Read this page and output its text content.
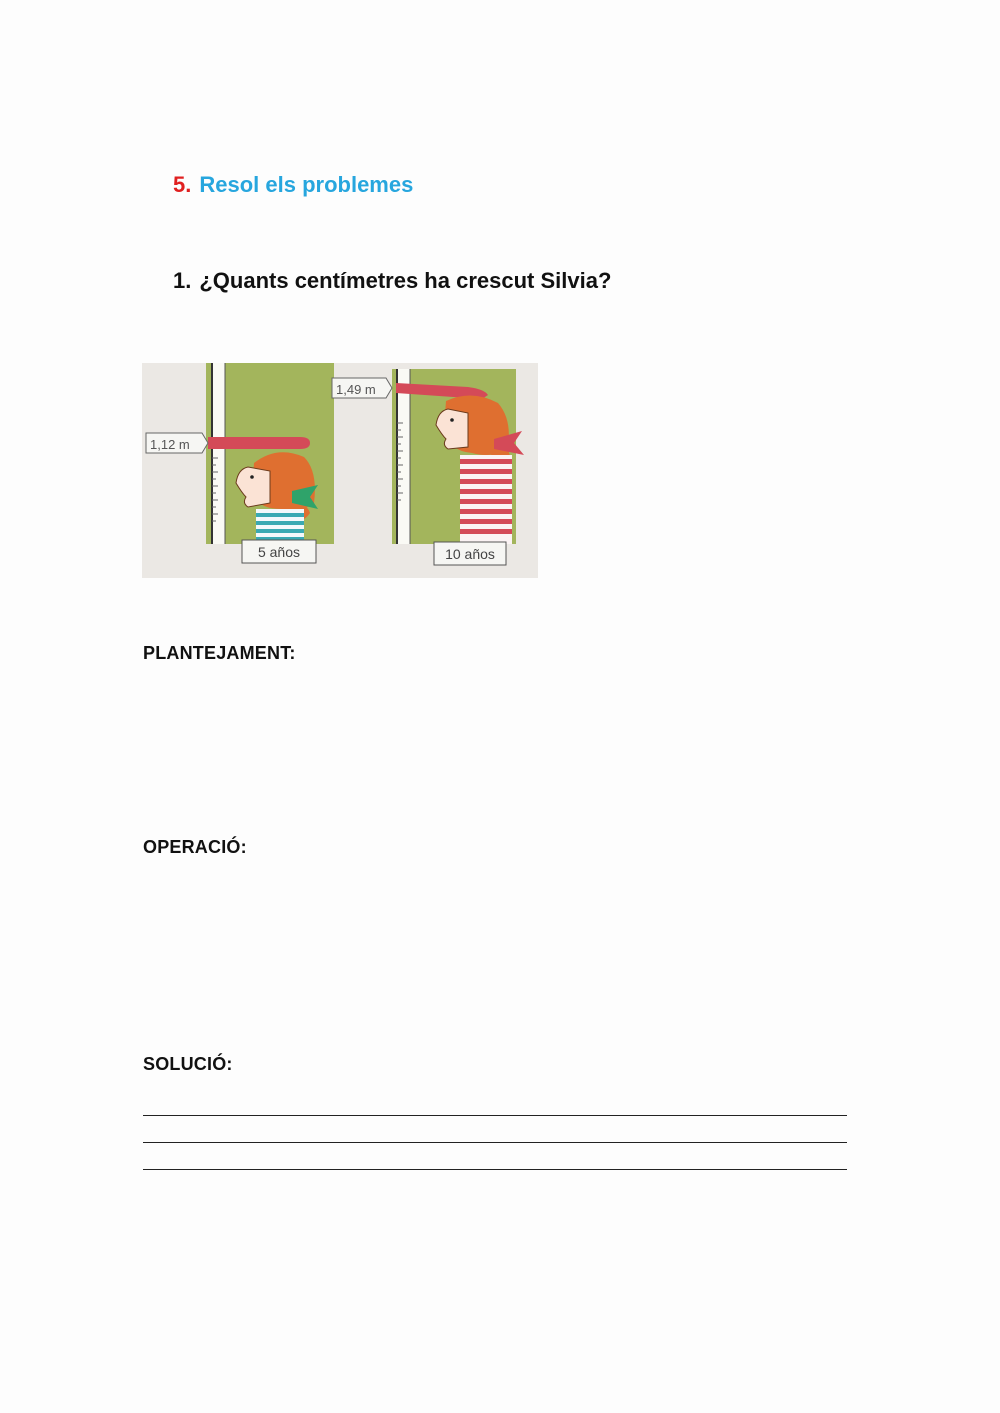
5. Resol els problemes
1. ¿Quants centímetres ha crescut Silvia?
1,12 m
5 años
1,49 m
10 años
PLANTEJAMENT:
OPERACIÓ:
SOLUCIÓ:
